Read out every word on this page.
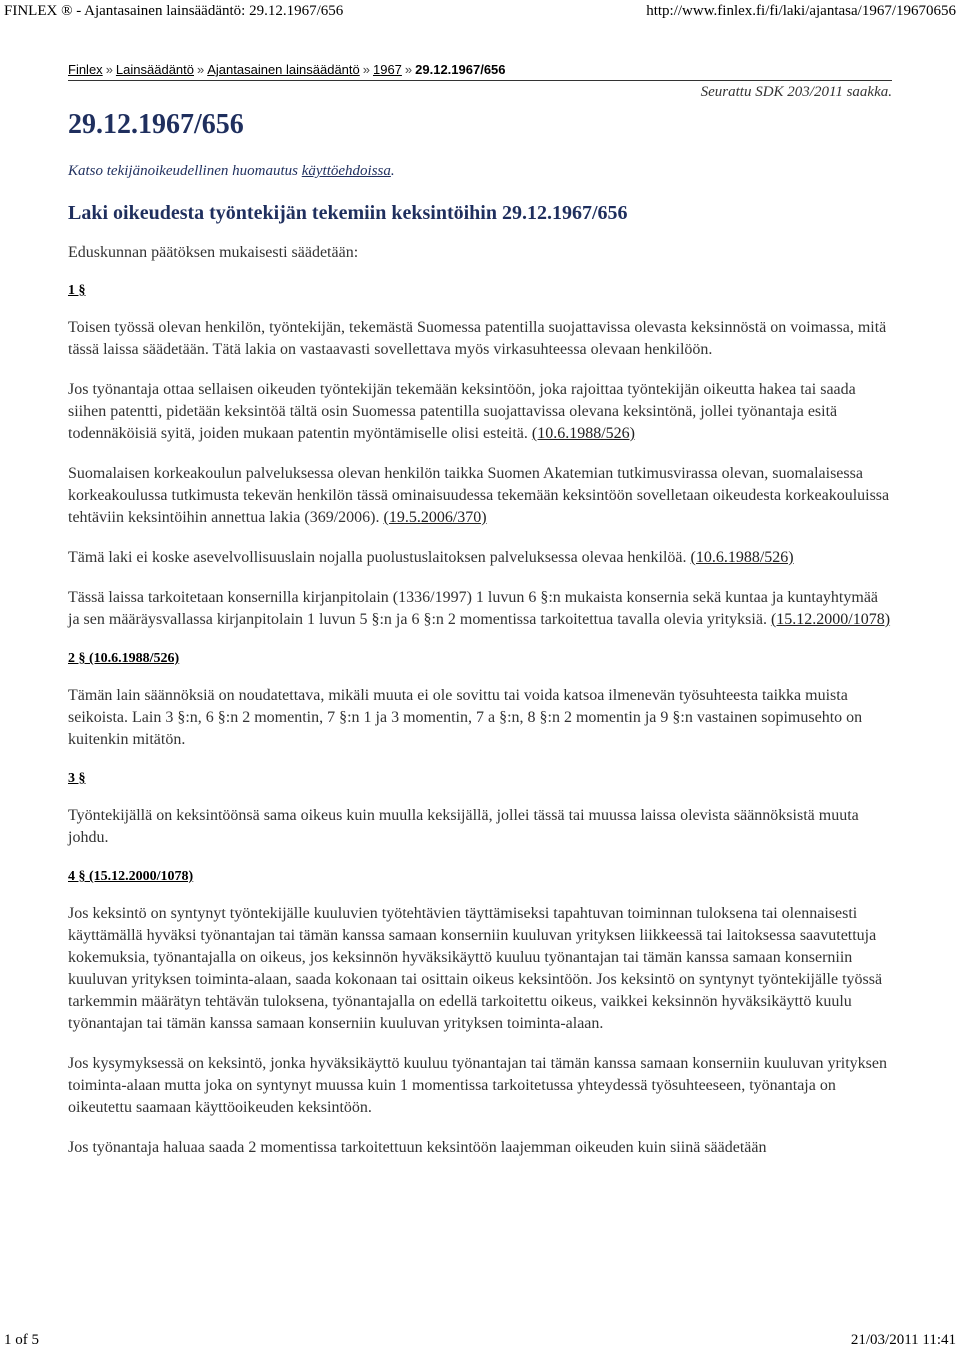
FINLEX ® - Ajantasainen lainsäädäntö: 29.12.1967/656	http://www.finlex.fi/fi/laki/ajantasa/1967/19670656
Finlex » Lainsäädäntö » Ajantasainen lainsäädäntö » 1967 » 29.12.1967/656
29.12.1967/656
Seurattu SDK 203/2011 saakka.
Katso tekijänoikeudellinen huomautus käyttöehdoissa.
Laki oikeudesta työntekijän tekemiin keksintöihin 29.12.1967/656
Eduskunnan päätöksen mukaisesti säädetään:
1 §

Toisen työssä olevan henkilön, työntekijän, tekemästä Suomessa patentilla suojattavissa olevasta keksinnöstä on voimassa, mitä tässä laissa säädetään. Tätä lakia on vastaavasti sovellettava myös virkasuhteessa olevaan henkilöön.

Jos työnantaja ottaa sellaisen oikeuden työntekijän tekemään keksintöön, joka rajoittaa työntekijän oikeutta hakea tai saada siihen patentti, pidetään keksintöä tältä osin Suomessa patentilla suojattavissa olevana keksintönä, jollei työnantaja esitä todennäköisiä syitä, joiden mukaan patentin myöntämiselle olisi esteitä. (10.6.1988/526)

Suomalaisen korkeakoulun palveluksessa olevan henkilön taikka Suomen Akatemian tutkimusvirassa olevan, suomalaisessa korkeakoulussa tutkimusta tekevän henkilön tässä ominaisuudessa tekemään keksintöön sovelletaan oikeudesta korkeakouluissa tehtäviin keksintöihin annettua lakia (369/2006). (19.5.2006/370)

Tämä laki ei koske asevelvollisuuslain nojalla puolustuslaitoksen palveluksessa olevaa henkilöä. (10.6.1988/526)

Tässä laissa tarkoitetaan konsernilla kirjanpitolain (1336/1997) 1 luvun 6 §:n mukaista konsernia sekä kuntaa ja kuntayhtymää ja sen määräysvallassa kirjanpitolain 1 luvun 5 §:n ja 6 §:n 2 momentissa tarkoitettua tavalla olevia yrityksiä. (15.12.2000/1078)

2 § (10.6.1988/526)

Tämän lain säännöksiä on noudatettava, mikäli muuta ei ole sovittu tai voida katsoa ilmenevän työsuhteesta taikka muista seikoista. Lain 3 §:n, 6 §:n 2 momentin, 7 §:n 1 ja 3 momentin, 7 a §:n, 8 §:n 2 momentin ja 9 §:n vastainen sopimusehto on kuitenkin mitätön.

3 §

Työntekijällä on keksintöönsä sama oikeus kuin muulla keksijällä, jollei tässä tai muussa laissa olevista säännöksistä muuta johdu.

4 § (15.12.2000/1078)

Jos keksintö on syntynyt työntekijälle kuuluvien työtehtävien täyttämiseksi tapahtuvan toiminnan tuloksena tai olennaisesti käyttämällä hyväksi työnantajan tai tämän kanssa samaan konserniin kuuluvan yrityksen liikkeessä tai laitoksessa saavutettuja kokemuksia, työnantajalla on oikeus, jos keksinnön hyväksikäyttö kuuluu työnantajan tai tämän kanssa samaan konserniin kuuluvan yrityksen toiminta-alaan, saada kokonaan tai osittain oikeus keksintöön. Jos keksintö on syntynyt työntekijälle työssä tarkemmin määrätyn tehtävän tuloksena, työnantajalla on edellä tarkoitettu oikeus, vaikkei keksinnön hyväksikäyttö kuulu työnantajan tai tämän kanssa samaan konserniin kuuluvan yrityksen toiminta-alaan.

Jos kysymyksessä on keksintö, jonka hyväksikäyttö kuuluu työnantajan tai tämän kanssa samaan konserniin kuuluvan yrityksen toiminta-alaan mutta joka on syntynyt muussa kuin 1 momentissa tarkoitetussa yhteydessä työsuhteeseen, työnantaja on oikeutettu saamaan käyttöoikeuden keksintöön.

Jos työnantaja haluaa saada 2 momentissa tarkoitettuun keksintöön laajemman oikeuden kuin siinä säädetään

1 of 5	21/03/2011 11:41
